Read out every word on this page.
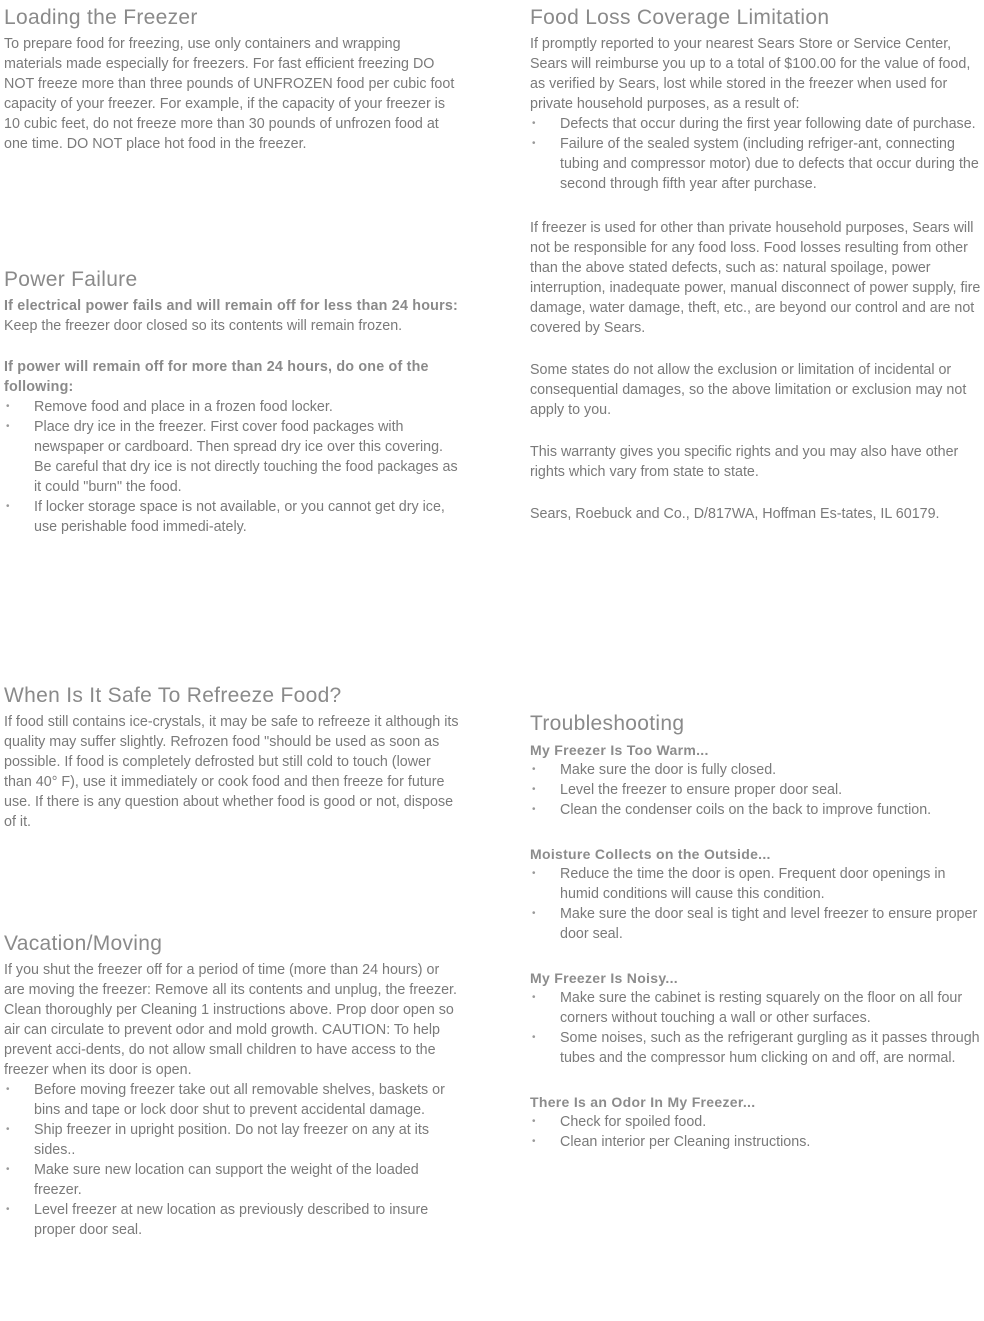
Loading the Freezer

To prepare food for freezing, use only containers and wrapping materials made especially for freezers. For fast efficient freezing DO NOT freeze more than three pounds of UNFROZEN food per cubic foot capacity of your freezer. For example, if the capacity of your freezer is 10 cubic feet, do not freeze more than 30 pounds of unfrozen food at one time. DO NOT place hot food in the freezer.

Power Failure

If electrical power fails and will remain off for less than 24 hours: Keep the freezer door closed so its contents will remain frozen.

If power will remain off for more than 24 hours, do one of the following:

• Remove food and place in a frozen food locker.
• Place dry ice in the freezer. First cover food packages with newspaper or cardboard. Then spread dry ice over this covering. Be careful that dry ice is not directly touching the food packages as it could "burn" the food.
• If locker storage space is not available, or you cannot get dry ice, use perishable food immedi-ately.
When Is It Safe To Refreeze Food?

If food still contains ice-crystals, it may be safe to refreeze it although its quality may suffer slightly. Refrozen food "should be used as soon as possible. If food is completely defrosted but still cold to touch (lower than 40° F), use it immediately or cook food and then freeze for future use. If there is any question about whether food is good or not, dispose of it.

Vacation/Moving

If you shut the freezer off for a period of time (more than 24 hours) or are moving the freezer: Remove all its contents and unplug, the freezer. Clean thoroughly per Cleaning 1 instructions above. Prop door open so air can circulate to prevent odor and mold growth. CAUTION: To help prevent acci-dents, do not allow small children to have access to the freezer when its door is open.

• Before moving freezer take out all removable shelves, baskets or bins and tape or lock door shut to prevent accidental damage.
• Ship freezer in upright position. Do not lay freezer on any at its sides..
• Make sure new location can support the weight of the loaded freezer.
• Level freezer at new location as previously described to insure proper door seal.
Food Loss Coverage Limitation

If promptly reported to your nearest Sears Store or Service Center, Sears will reimburse you up to a total of $100.00 for the value of food, as verified by Sears, lost while stored in the freezer when used for private household purposes, as a result of:

• Defects that occur during the first year following date of purchase.
• Failure of the sealed system (including refriger-ant, connecting tubing and compressor motor) due to defects that occur during the second through fifth year after purchase.

If freezer is used for other than private household purposes, Sears will not be responsible for any food loss. Food losses resulting from other than the above stated defects, such as: natural spoilage, power interruption, inadequate power, manual disconnect of power supply, fire damage, water damage, theft, etc., are beyond our control and are not covered by Sears.

Some states do not allow the exclusion or limitation of incidental or consequential damages, so the above limitation or exclusion may not apply to you.

This warranty gives you specific rights and you may also have other rights which vary from state to state.

Sears, Roebuck and Co., D/817WA, Hoffman Es-tates, IL 60179.

Troubleshooting

My Freezer Is Too Warm...

• Make sure the door is fully closed.
• Level the freezer to ensure proper door seal.
• Clean the condenser coils on the back to improve function.

Moisture Collects on the Outside...

• Reduce the time the door is open. Frequent door openings in humid conditions will cause this condition.
• Make sure the door seal is tight and level freezer to ensure proper door seal.

My Freezer Is Noisy...

• Make sure the cabinet is resting squarely on the floor on all four corners without touching a wall or other surfaces.
• Some noises, such as the refrigerant gurgling as it passes through tubes and the compressor hum clicking on and off, are normal.

There Is an Odor In My Freezer...

• Check for spoiled food.
• Clean interior per Cleaning instructions.
